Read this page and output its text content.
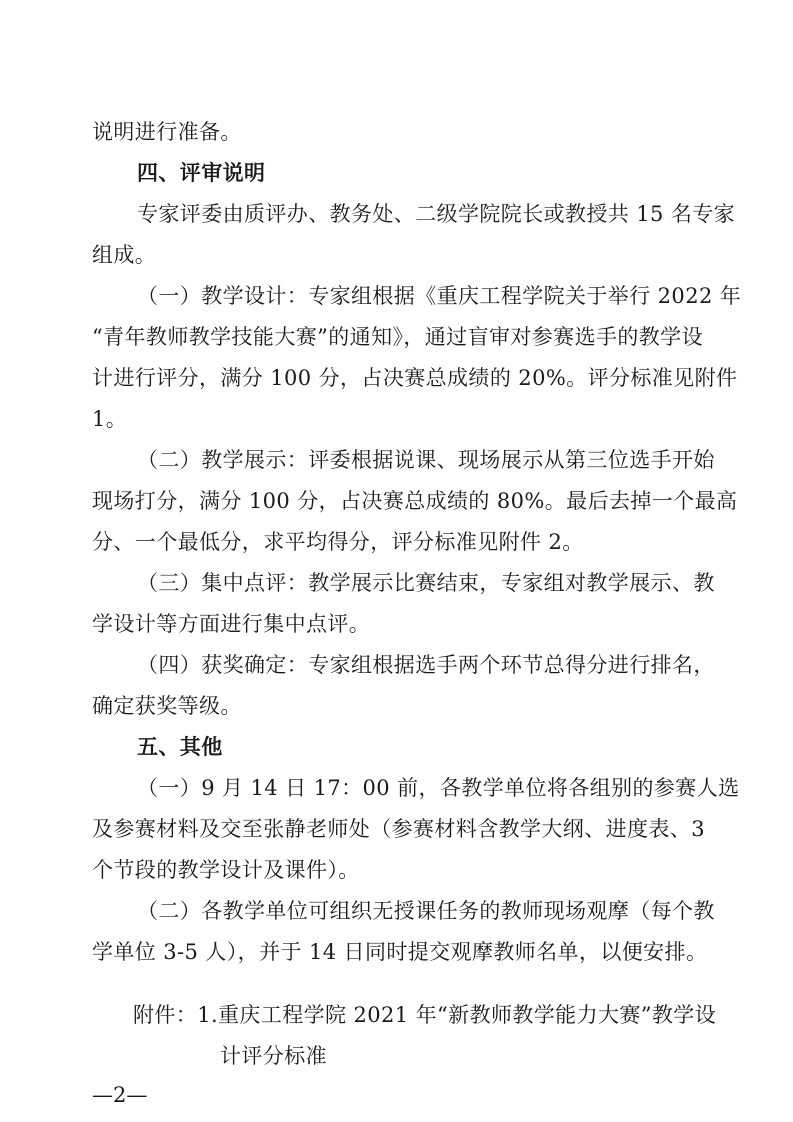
说明进行准备。
四、评审说明
专家评委由质评办、教务处、二级学院院长或教授共 15 名专家
组成。
（一）教学设计：专家组根据《重庆工程学院关于举行 2022 年
“青年教师教学技能大赛”的通知》，通过盲审对参赛选手的教学设
计进行评分，满分 100 分，占决赛总成绩的 20%。评分标准见附件
1。
（二）教学展示：评委根据说课、现场展示从第三位选手开始
现场打分，满分 100 分，占决赛总成绩的 80%。最后去掉一个最高
分、一个最低分，求平均得分，评分标准见附件 2。
（三）集中点评：教学展示比赛结束，专家组对教学展示、教
学设计等方面进行集中点评。
（四）获奖确定：专家组根据选手两个环节总得分进行排名，
确定获奖等级。
五、其他
（一）9 月 14 日 17：00 前，各教学单位将各组别的参赛人选
及参赛材料及交至张静老师处（参赛材料含教学大纲、进度表、3
个节段的教学设计及课件）。
（二）各教学单位可组织无授课任务的教师现场观摩（每个教
学单位 3-5 人），并于 14 日同时提交观摩教师名单，以便安排。
附件：1.重庆工程学院 2021 年“新教师教学能力大赛”教学设
计评分标准
—2—
